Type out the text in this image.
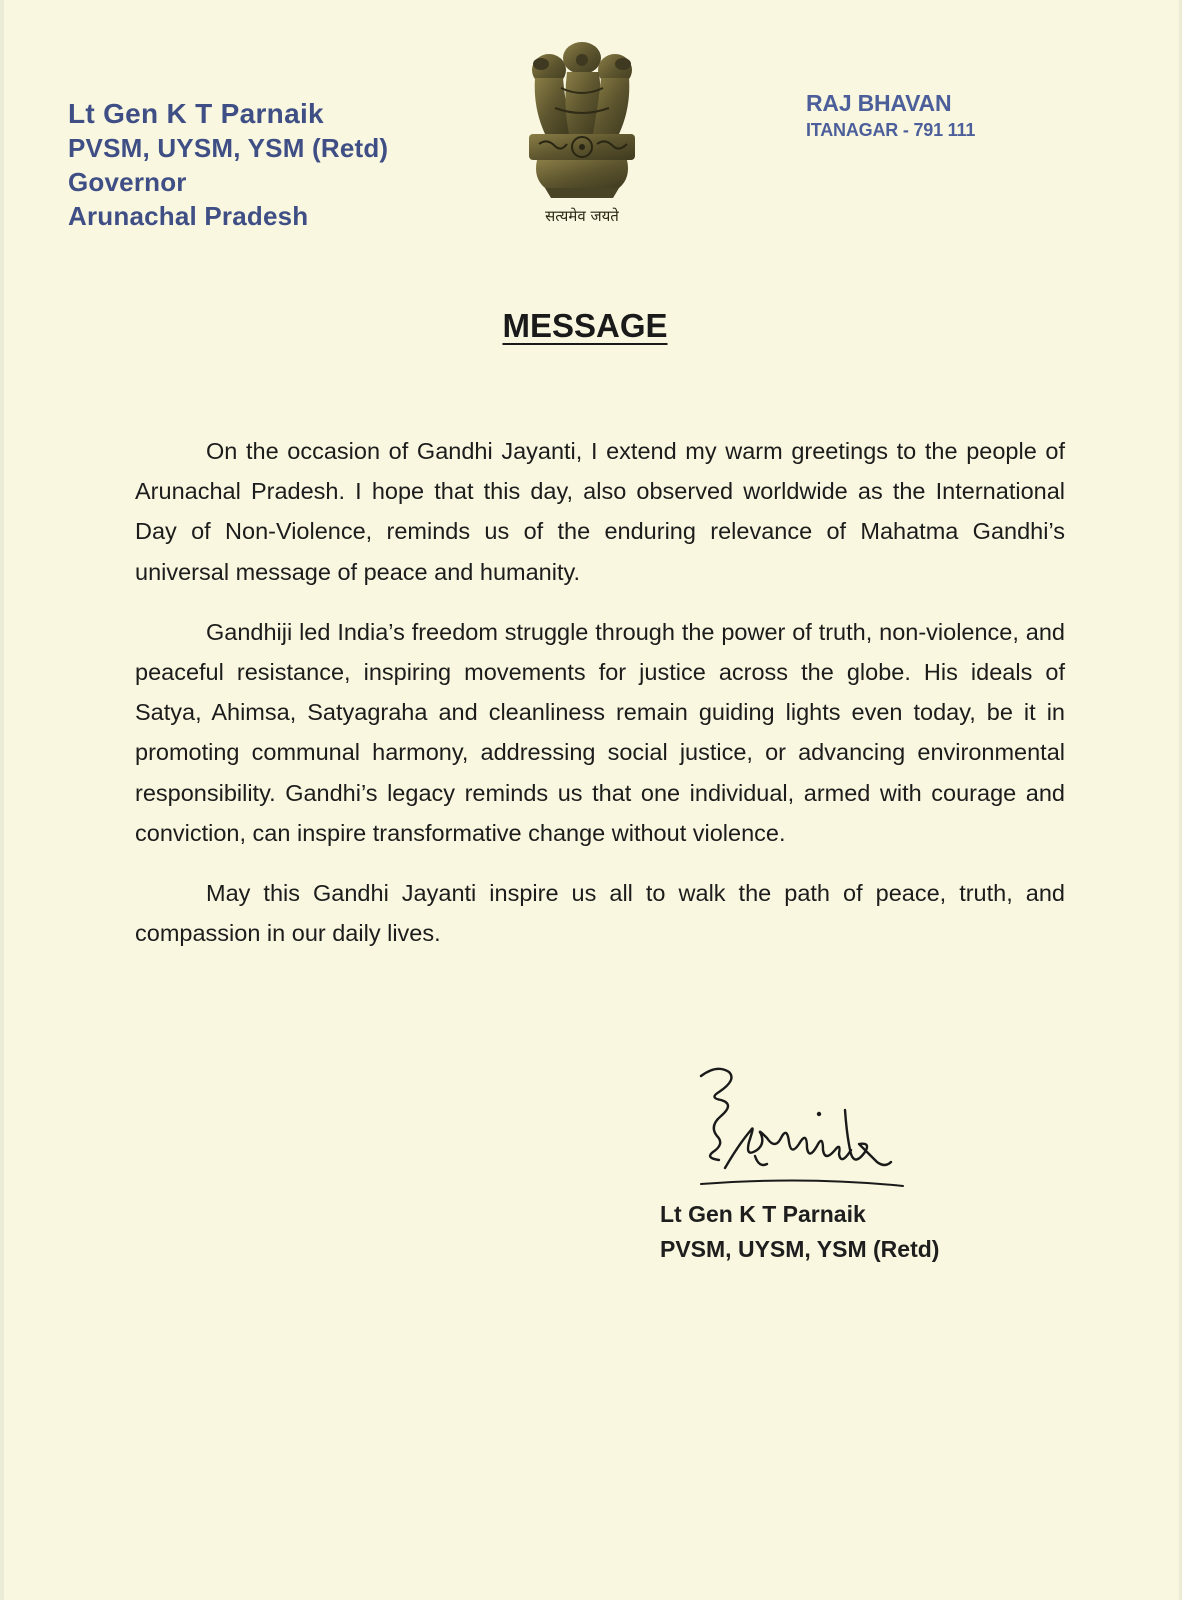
Lt Gen K T Parnaik
PVSM, UYSM, YSM (Retd)
Governor
Arunachal Pradesh	सत्यमेव जयते
RAJ BHAVAN
ITANAGAR - 791 111
MESSAGE

On the occasion of Gandhi Jayanti, I extend my warm greetings to the people of Arunachal Pradesh. I hope that this day, also observed worldwide as the International Day of Non-Violence, reminds us of the enduring relevance of Mahatma Gandhi’s universal message of peace and humanity.

Gandhiji led India’s freedom struggle through the power of truth, non-violence, and peaceful resistance, inspiring movements for justice across the globe. His ideals of Satya, Ahimsa, Satyagraha and cleanliness remain guiding lights even today, be it in promoting communal harmony, addressing social justice, or advancing environmental responsibility. Gandhi’s legacy reminds us that one individual, armed with courage and conviction, can inspire transformative change without violence.

May this Gandhi Jayanti inspire us all to walk the path of peace, truth, and compassion in our daily lives.

Lt Gen K T Parnaik
PVSM, UYSM, YSM (Retd)
